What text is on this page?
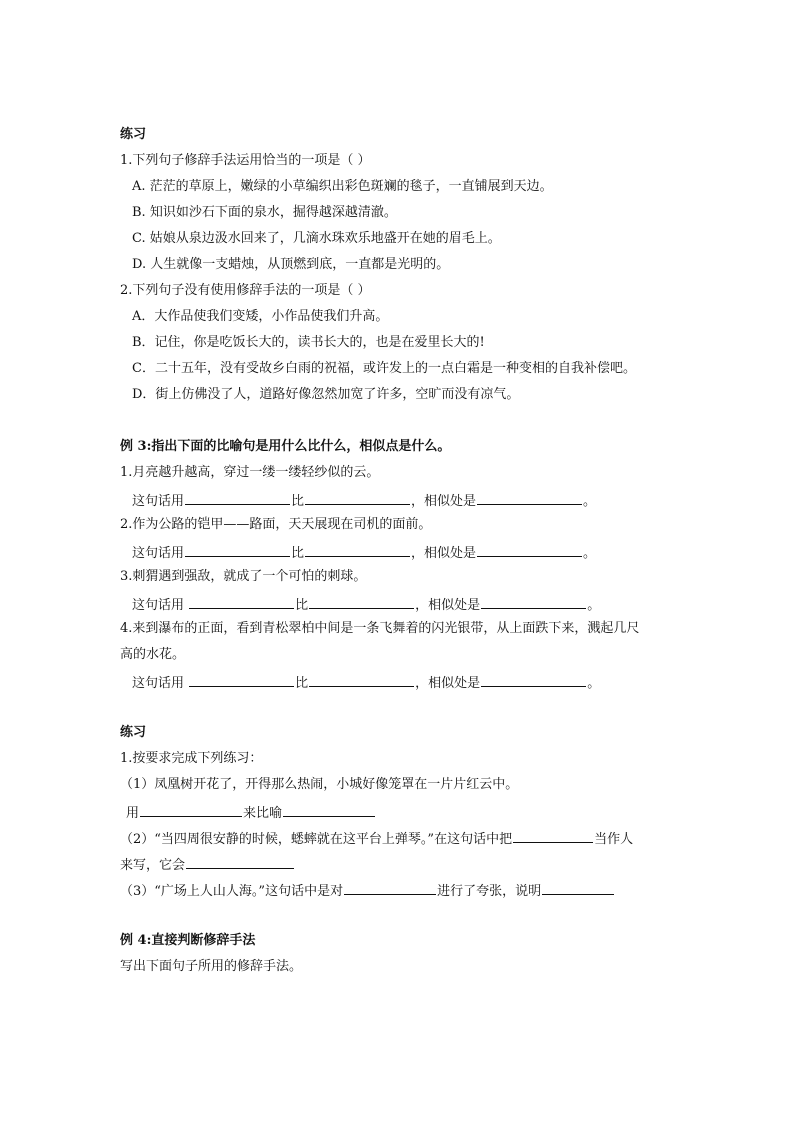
练习
1.下列句子修辞手法运用恰当的一项是（ ）
A. 茫茫的草原上，嫩绿的小草编织出彩色斑斓的毯子，一直铺展到天边。
B. 知识如沙石下面的泉水，掘得越深越清澈。
C. 姑娘从泉边汲水回来了，几滴水珠欢乐地盛开在她的眉毛上。
D. 人生就像一支蜡烛，从顶燃到底，一直都是光明的。
2.下列句子没有使用修辞手法的一项是（ ）
A．大作品使我们变矮，小作品使我们升高。
B．记住，你是吃饭长大的，读书长大的，也是在爱里长大的!
C．二十五年，没有受故乡白雨的祝福，或许发上的一点白霜是一种变相的自我补偿吧。
D．街上仿佛没了人，道路好像忽然加宽了许多，空旷而没有凉气。
例 3:指出下面的比喻句是用什么比什么，相似点是什么。
1.月亮越升越高，穿过一缕一缕轻纱似的云。
这句话用	比	，相似处是	。
2.作为公路的铠甲——路面，天天展现在司机的面前。
这句话用	比	，相似处是	。
3.刺猬遇到强敌，就成了一个可怕的刺球。
这句话用	比	，相似处是	。
4.来到瀑布的正面，看到青松翠柏中间是一条飞舞着的闪光银带，从上面跌下来，溅起几尺
高的水花。
这句话用	比	，相似处是	。
练习
1.按要求完成下列练习：
（1）凤凰树开花了，开得那么热闹，小城好像笼罩在一片片红云中。
用	来比喻
（2）“当四周很安静的时候，蟋蟀就在这平台上弹琴。”在这句话中把	当作人
来写，它会
（3）“广场上人山人海。”这句话中是对	进行了夸张，说明
例 4:直接判断修辞手法
写出下面句子所用的修辞手法。
